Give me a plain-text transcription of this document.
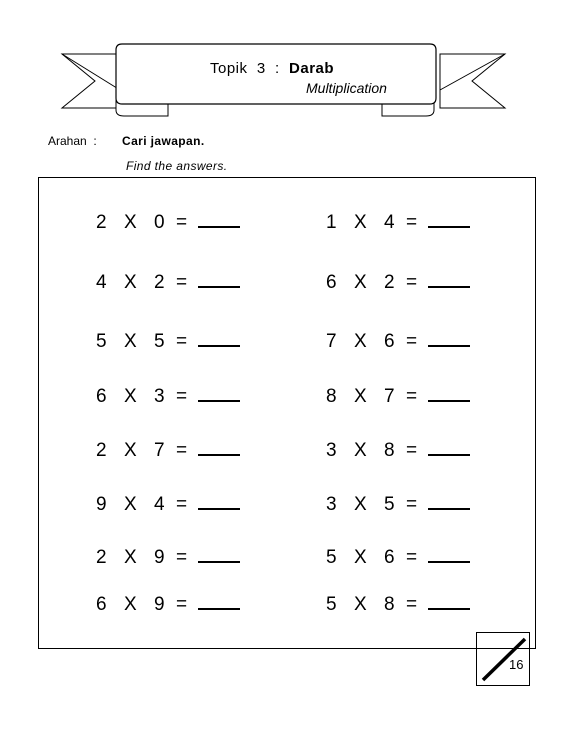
Topik  3  : Darab
Multiplication
Arahan  : Cari jawapan.
Find the answers.
2 X 0 =
4 X 2 =
5 X 5 =
6 X 3 =
2 X 7 =
9 X 4 =
2 X 9 =
6 X 9 =
1 X 4 =
6 X 2 =
7 X 6 =
8 X 7 =
3 X 8 =
3 X 5 =
5 X 6 =
5 X 8 =
16
